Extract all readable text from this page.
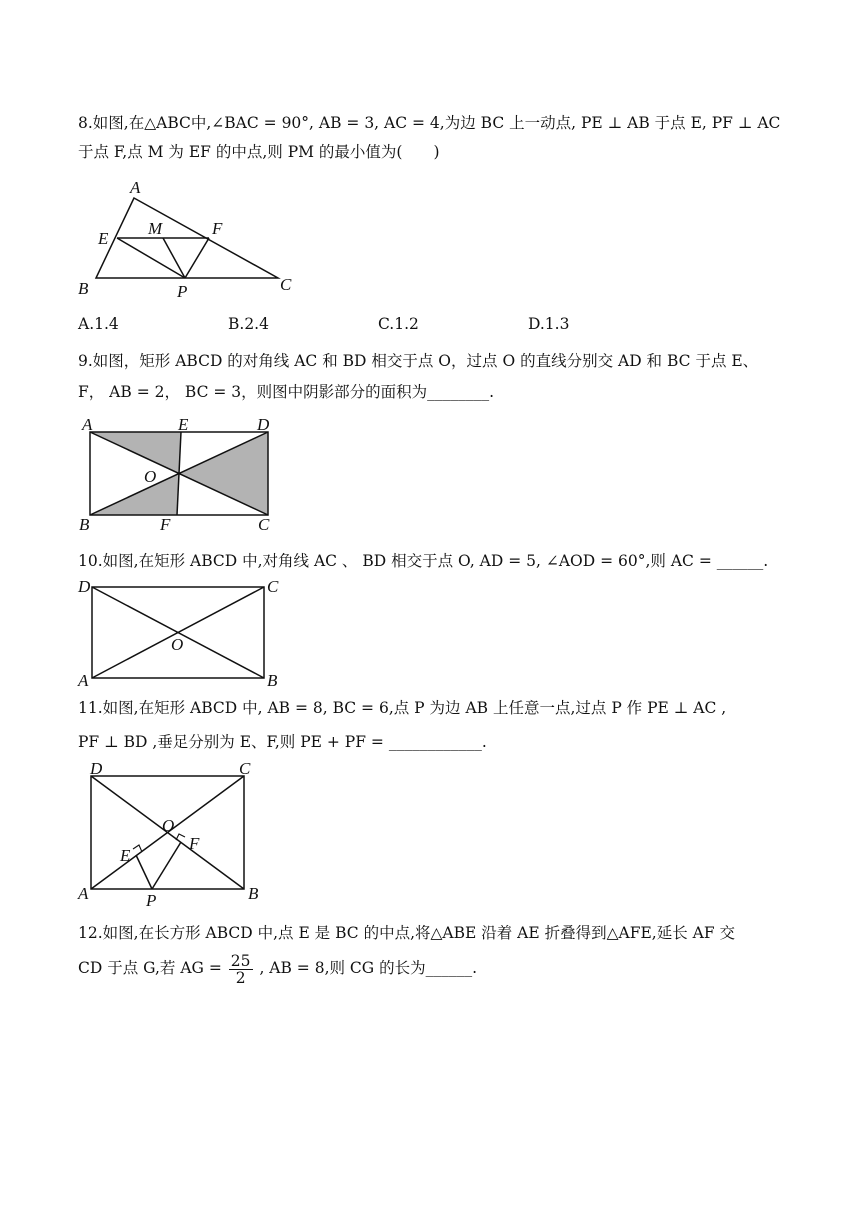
8.如图,在△ABC中,∠BAC = 90°, AB = 3, AC = 4,为边 BC 上一动点, PE ⊥ AB 于点 E, PF ⊥ AC
于点 F,点 M 为 EF 的中点,则 PM 的最小值为(　　)
A
B	C
E
F
M
P
A.1.4	B.2.4	C.1.2	D.1.3
9.如图，矩形 ABCD 的对角线 AC 和 BD 相交于点 O，过点 O 的直线分别交 AD 和 BC 于点 E、
F， AB = 2， BC = 3，则图中阴影部分的面积为________.
A	E	D
O
B	F	C
10.如图,在矩形 ABCD 中,对角线 AC 、 BD 相交于点 O, AD = 5, ∠AOD = 60°,则 AC = ______.
D	C
O
A	B
11.如图,在矩形 ABCD 中, AB = 8, BC = 6,点 P 为边 AB 上任意一点,过点 P 作 PE ⊥ AC ,
PF ⊥ BD ,垂足分别为 E、F,则 PE + PF = ____________.
D	C
O
E
F
A	B
P
12.如图,在长方形 ABCD 中,点 E 是 BC 的中点,将△ABE 沿着 AE 折叠得到△AFE,延长 AF 交
CD 于点 G,若 AG = $\frac{25}{2}$ , AB = 8,则 CG 的长为______.
